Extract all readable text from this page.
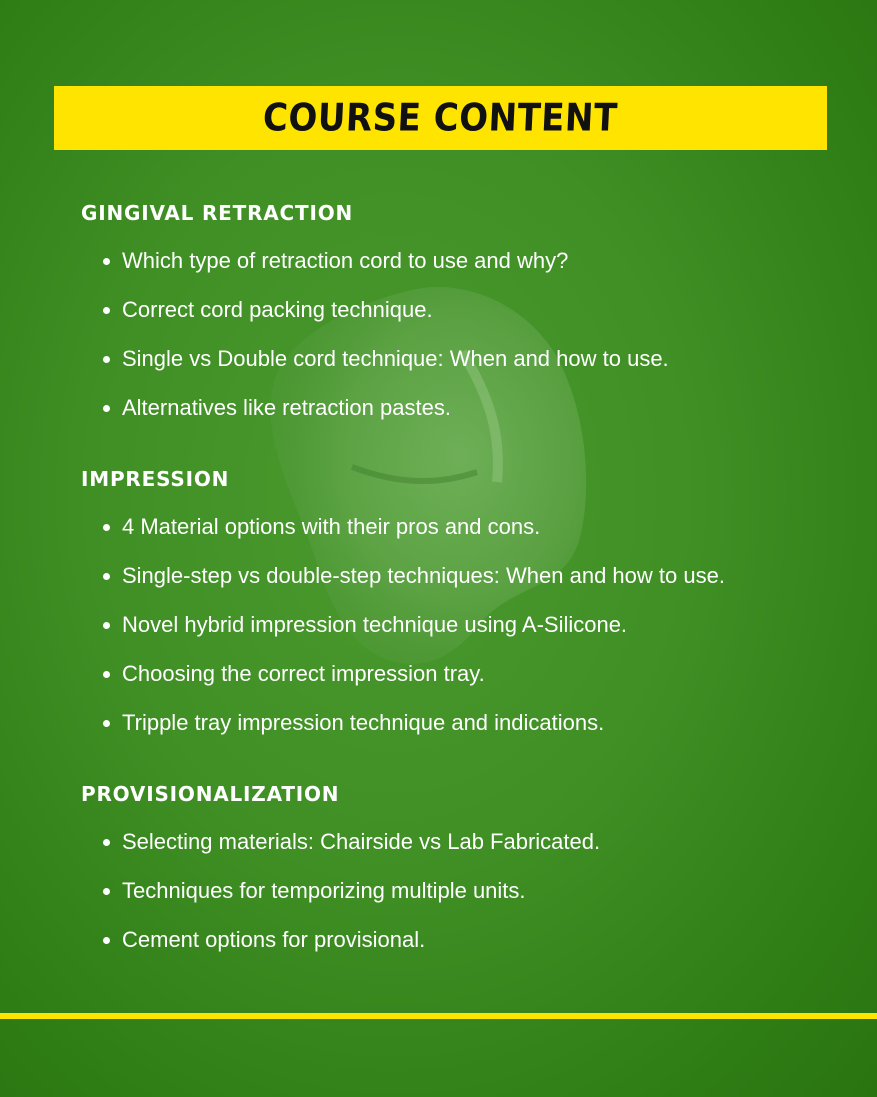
COURSE CONTENT
GINGIVAL RETRACTION
Which type of retraction cord to use and why?
Correct cord packing technique.
Single vs Double cord technique: When and how to use.
Alternatives like retraction pastes.
IMPRESSION
4 Material options with their pros and cons.
Single-step vs double-step techniques: When and how to use.
Novel hybrid impression technique using A-Silicone.
Choosing the correct impression tray.
Tripple tray impression technique and indications.
PROVISIONALIZATION
Selecting materials: Chairside vs Lab Fabricated.
Techniques for temporizing multiple units.
Cement options for provisional.
